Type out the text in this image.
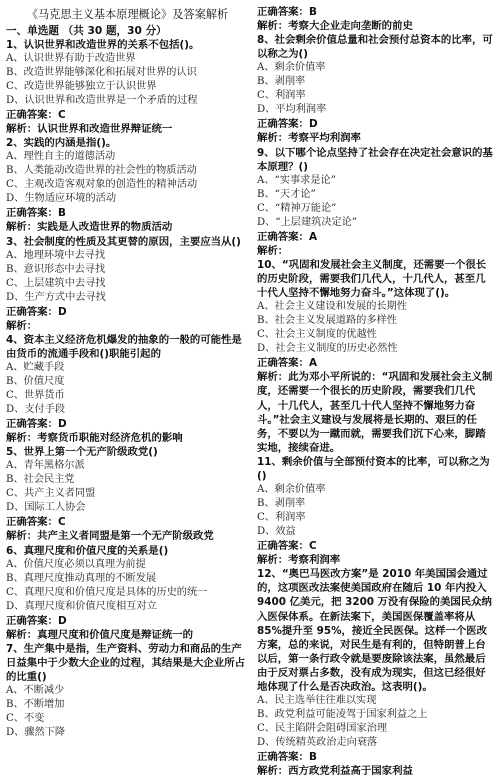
《马克思主义基本原理概论》及答案解析
一、单选题 （共 30 题，30 分）
1、认识世界和改造世界的关系不包括()。
A、认识世界有助于改造世界
B、改造世界能够深化和拓展对世界的认识
C、改造世界能够独立于认识世界
D、认识世界和改造世界是一个矛盾的过程
正确答案：C
解析：认识世界和改造世界辩证统一
2、实践的内涵是指()。
A、理性自主的道德活动
B、人类能动改造世界的社会性的物质活动
C、主观改造客观对象的创造性的精神活动
D、生物适应环境的活动
正确答案：B
解析：实践是人改造世界的物质活动
3、社会制度的性质及其更替的原因，主要应当从()
A、地理环境中去寻找
B、意识形态中去寻找
C、上层建筑中去寻找
D、生产方式中去寻找
正确答案：D
解析：
4、资本主义经济危机爆发的抽象的一般的可能性是由货币的流通手段和()职能引起的
A、贮藏手段
B、价值尺度
C、世界货币
D、支付手段
正确答案：D
解析：考察货币职能对经济危机的影响
5、世界上第一个无产阶级政党()
A、青年黑格尔派
B、社会民主党
C、共产主义者同盟
D、国际工人协会
正确答案：C
解析：共产主义者同盟是第一个无产阶级政党
6、真理尺度和价值尺度的关系是()
A、价值尺度必须以真理为前提
B、真理尺度推动真理的不断发展
C、真理尺度和价值尺度是具体的历史的统一
D、真理尺度和价值尺度相互对立
正确答案：D
解析：真理尺度和价值尺度是辩证统一的
7、生产集中是指，生产资料、劳动力和商品的生产日益集中于少数大企业的过程，其结果是大企业所占的比重()
A、不断减少
B、不断增加
C、不变
D、骤然下降
正确答案：B
解析：考察大企业走向垄断的前史
8、社会剩余价值总量和社会预付总资本的比率，可以称之为()
A、剩余价值率
B、剥削率
C、利润率
D、平均利润率
正确答案：D
解析：考察平均利润率
9、以下哪个论点坚持了社会存在决定社会意识的基本原理？()
A、“实事求是论”
B、“天才论”
C、“精神万能论”
D、“上层建筑决定论”
正确答案：A
解析：
10、“巩固和发展社会主义制度，还需要一个很长的历史阶段，需要我们几代人，十几代人，甚至几十代人坚持不懈地努力奋斗。”这体现了()。
A、社会主义建设和发展的长期性
B、社会主义发展道路的多样性
C、社会主义制度的优越性
D、社会主义制度的历史必然性
正确答案：A
解析：此为邓小平所说的：“巩固和发展社会主义制度，还需要一个很长的历史阶段，需要我们几代人，十几代人，甚至几十代人坚持不懈地努力奋斗。”社会主义建设与发展将是长期的、艰巨的任务，不要以为一蹴而就，需要我们沉下心来，脚踏实地，接续奋进。
11、剩余价值与全部预付资本的比率，可以称之为()
A、剩余价值率
B、剥削率
C、利润率
D、效益
正确答案：C
解析：考察利润率
12、“奥巴马医改方案”是 2010 年美国国会通过的，这项医改法案使美国政府在随后 10 年内投入 9400 亿美元，把 3200 万没有保险的美国民众纳入医保体系。在新法案下，美国医保覆盖率将从 85%提升至 95%，接近全民医保。这样一个医改方案，总的来说，对民生是有利的，但特朗普上台以后，第一条行政令就是要废除该法案，虽然最后由于反对票占多数，没有成为现实，但这已经很好地体现了什么是否决政治。这表明()。
A、民主选举往往难以实现
B、政党利益可能凌驾于国家利益之上
C、民主陷阱会阻碍国家治理
D、传统精英政治走向衰落
正确答案：B
解析：西方政党利益高于国家利益
